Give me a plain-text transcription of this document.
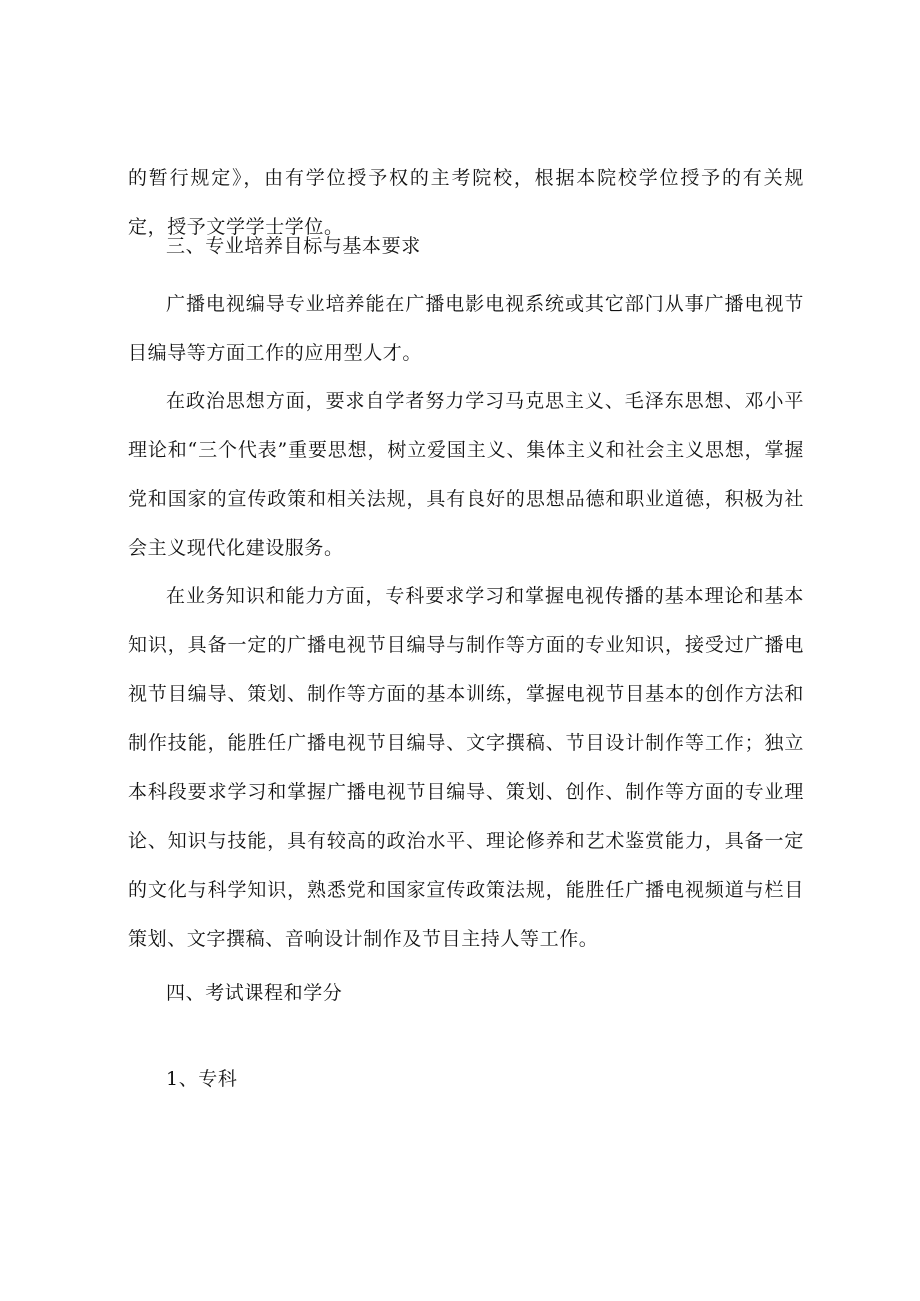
的暂行规定》，由有学位授予权的主考院校，根据本院校学位授予的有关规定，授予文学学士学位。

三、专业培养目标与基本要求

广播电视编导专业培养能在广播电影电视系统或其它部门从事广播电视节目编导等方面工作的应用型人才。

在政治思想方面，要求自学者努力学习马克思主义、毛泽东思想、邓小平理论和“三个代表”重要思想，树立爱国主义、集体主义和社会主义思想，掌握党和国家的宣传政策和相关法规，具有良好的思想品德和职业道德，积极为社会主义现代化建设服务。

在业务知识和能力方面，专科要求学习和掌握电视传播的基本理论和基本知识，具备一定的广播电视节目编导与制作等方面的专业知识，接受过广播电视节目编导、策划、制作等方面的基本训练，掌握电视节目基本的创作方法和制作技能，能胜任广播电视节目编导、文字撰稿、节目设计制作等工作；独立本科段要求学习和掌握广播电视节目编导、策划、创作、制作等方面的专业理论、知识与技能，具有较高的政治水平、理论修养和艺术鉴赏能力，具备一定的文化与科学知识，熟悉党和国家宣传政策法规，能胜任广播电视频道与栏目策划、文字撰稿、音响设计制作及节目主持人等工作。

四、考试课程和学分

1、专科
